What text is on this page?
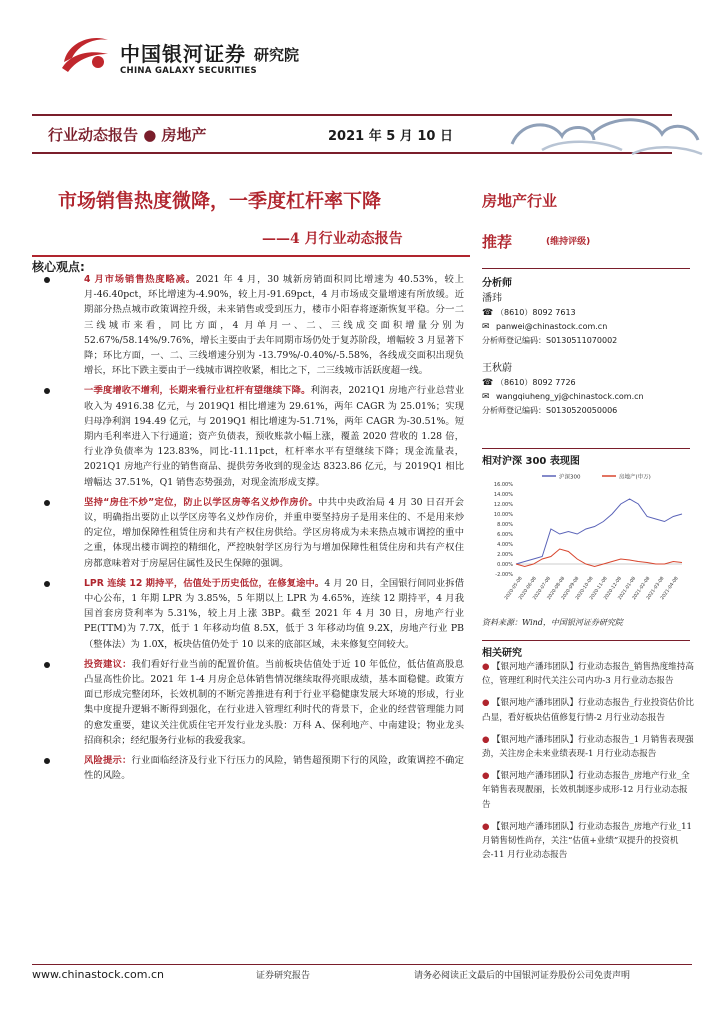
中国银河证券
CHINA GALAXY SECURITIES
研究院
行业动态报告 ● 房地产	2021 年 5 月 10 日
市场销售热度微降，一季度杠杆率下降
——4 月行业动态报告
核心观点:
4 月市场销售热度略减。2021 年 4 月，30 城新房销面积同比增速为 40.53%，较上月-46.40pct，环比增速为-4.90%，较上月-91.69pct，4 月市场成交量增速有所放缓。近期部分热点城市政策调控升级，未来销售或受到压力，楼市小阳春将逐渐恢复平稳。分一二三线城市来看，同比方面，4 月单月一、二、三线成交面积增量分别为 52.67%/58.14%/9.76%，增长主要由于去年同期市场仍处于复苏阶段，增幅较 3 月显著下降；环比方面，一、二、三线增速分别为 -13.79%/-0.40%/-5.58%，各线成交面积出现负增长，环比下跌主要由于一线城市调控收紧，相比之下，二三线城市活跃度超一线。
一季度增收不增利，长期来看行业杠杆有望继续下降。利润表，2021Q1 房地产行业总营业收入为 4916.38 亿元，与 2019Q1 相比增速为 29.61%，两年 CAGR 为 25.01%；实现归母净利润 194.49 亿元，与 2019Q1 相比增速为-51.71%，两年 CAGR 为-30.51%。短期内毛利率进入下行通道；资产负债表，预收账款小幅上涨，覆盖 2020 营收的 1.28 倍，行业净负债率为 123.83%，同比-11.11pct，杠杆率水平有望继续下降；现金流量表，2021Q1 房地产行业的销售商品、提供劳务收到的现金达 8323.86 亿元，与 2019Q1 相比增幅达 37.51%，Q1 销售态势强劲，对现金流形成支撑。
坚持“房住不炒”定位，防止以学区房等名义炒作房价。中共中央政治局 4 月 30 日召开会议，明确指出要防止以学区房等名义炒作房价，并重申要坚持房子是用来住的、不是用来炒的定位，增加保障性租赁住房和共有产权住房供给。学区房将成为未来热点城市调控的重中之重，体现出楼市调控的精细化，严控映射学区房行为与增加保障性租赁住房和共有产权住房都意味着对于房屋居住属性及民生保障的强调。
LPR 连续 12 期持平，估值处于历史低位，在修复途中。4 月 20 日，全国银行间同业拆借中心公布，1 年期 LPR 为 3.85%，5 年期以上 LPR 为 4.65%，连续 12 期持平，4 月我国首套房贷利率为 5.31%，较上月上涨 3BP。截至 2021 年 4 月 30 日，房地产行业 PE(TTM)为 7.7X，低于 1 年移动均值 8.5X，低于 3 年移动均值 9.2X，房地产行业 PB（整体法）为 1.0X，板块估值仍处于 10 以来的底部区域，未来修复空间较大。
投资建议：我们看好行业当前的配置价值。当前板块估值处于近 10 年低位，低估值高股息凸显高性价比。2021 年 1-4 月房企总体销售情况继续取得亮眼成绩，基本面稳健。政策方面已形成完整闭环，长效机制的不断完善推进有利于行业平稳健康发展大环境的形成，行业集中度提升逻辑不断得到强化，在行业进入管理红利时代的背景下，企业的经营管理能力同的愈发重要，建议关注优质住宅开发行业龙头股：万科 A、保利地产、中南建设；物业龙头招商积余；经纪服务行业标的我爱我家。
风险提示：行业面临经济及行业下行压力的风险，销售超预期下行的风险，政策调控不确定性的风险。
房地产行业
推荐	(维持评级)
分析师
潘玮
☎ （8610）8092 7613
✉ panwei@chinastock.com.cn
分析师登记编码：S0130511070002
王秋蔚
☎ （8610）8092 7726
✉ wangqiuheng_yj@chinastock.com.cn
分析师登记编码：S0130520050006
相对沪深 300 表现图
沪深300	房地产(申万)
16.00%
14.00%
12.00%
10.00%
8.00%
6.00%
4.00%
2.00%
0.00%
-2.00%
2020-05-08
2020-06-08
2020-07-08
2020-08-08
2020-09-08
2020-10-08
2020-11-08
2020-12-08
2021-01-08
2021-02-08
2021-03-08
2021-04-08
资料来源：Wind，中国银河证券研究院
相关研究
● 【银河地产潘玮团队】行业动态报告_销售热度维持高位，管理红利时代关注公司内功-3 月行业动态报告
● 【银河地产潘玮团队】行业动态报告_行业投资估价比凸显，看好板块估值修复行情-2 月行业动态报告
● 【银河地产潘玮团队】行业动态报告_1 月销售表现强劲，关注房企未来业绩表现-1 月行业动态报告
● 【银河地产潘玮团队】行业动态报告_房地产行业_全年销售表现靓丽，长效机制逐步成形-12 月行业动态报告
● 【银河地产潘玮团队】行业动态报告_房地产行业_11 月销售韧性尚存，关注“估值+业绩”双提升的投资机会-11 月行业动态报告
www.chinastock.com.cn	证券研究报告	请务必阅读正文最后的中国银河证券股份公司免责声明
